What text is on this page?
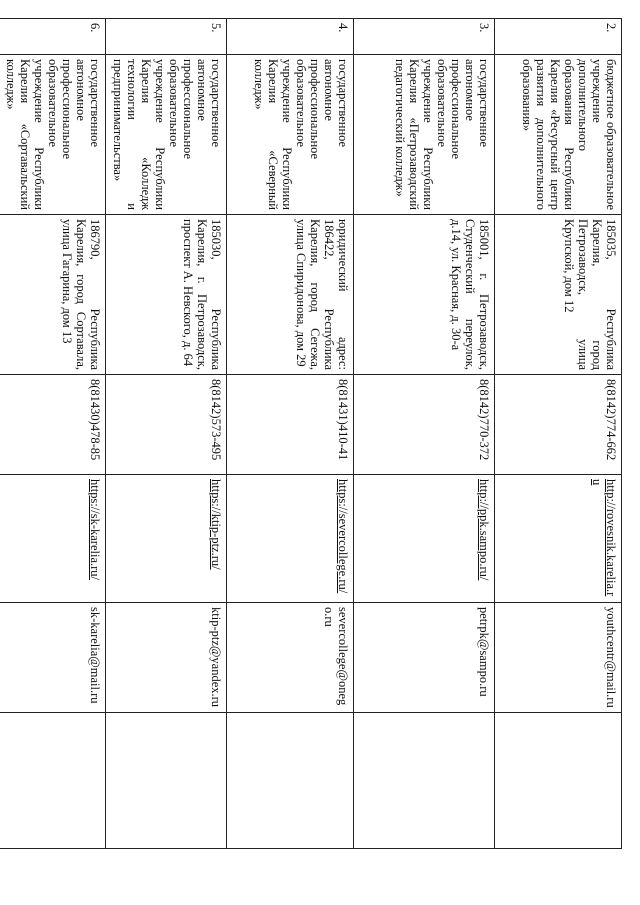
2.	бюджетное образовательное учреждение дополнительного образования Республики Карелия «Ресурсный центр развития дополнительного образования»	185035, Республика Карелия, город Петрозаводск, улица Крупской, дом 12	8(8142)774-662	http://rovesnik.karelia.ru	youthcentr@mail.ru	
3.	государственное автономное профессиональное образовательное учреждение Республики Карелия «Петрозаводский педагогический колледж»	185001, г. Петрозаводск, Студенческий переулок, д.14, ул. Красная, д. 30-а	8(8142)770-372	http://ppk.sampo.ru/	petrpk@sampo.ru	
4.	государственное автономное профессиональное образовательное учреждение Республики Карелия «Северный колледж»	юридический адрес: 186422, Республика Карелия, город Сегежа, улица Спиридонова, дом 29	8(81431)410-41	https://severcollege.ru/	severcollege@onego.ru	
5.	государственное автономное профессиональное образовательное учреждение Республики Карелия «Колледж технологии и предпринимательства»	185030, Республика Карелия, г. Петрозаводск, проспект А. Невского, д. 64	8(8142)573-495	https://ktip-ptz.ru/	ktip-ptz@yandex.ru	
6.	государственное автономное профессиональное образовательное учреждение Республики Карелия «Сортавальский колледж»	186790, Республика Карелия, город Сортавала, улица Гагарина, дом 13	8(81430)478-85	https://sk-karelia.ru/	sk-karelia@mail.ru	
